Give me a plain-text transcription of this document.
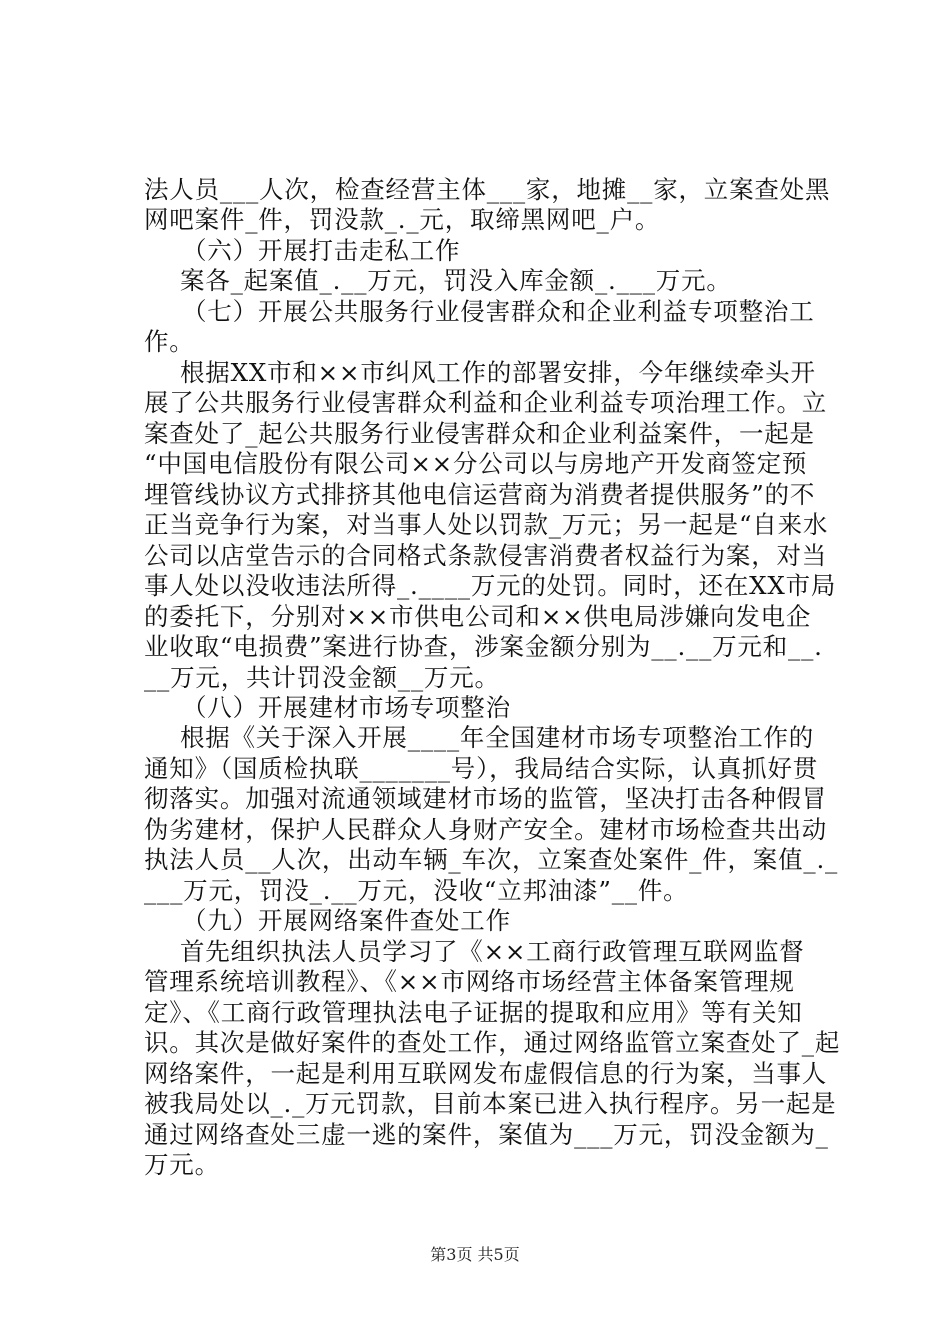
法人员___人次，检查经营主体___家，地摊__家，立案查处黑
网吧案件_件，罚没款_._元，取缔黑网吧_户。
（六）开展打击走私工作
案各_起案值_.__万元，罚没入库金额_.___万元。
（七）开展公共服务行业侵害群众和企业利益专项整治工
作。
根据XX市和××市纠风工作的部署安排，今年继续牵头开
展了公共服务行业侵害群众利益和企业利益专项治理工作。立
案查处了_起公共服务行业侵害群众和企业利益案件，一起是
“中国电信股份有限公司××分公司以与房地产开发商签定预
埋管线协议方式排挤其他电信运营商为消费者提供服务”的不
正当竞争行为案，对当事人处以罚款_万元；另一起是“自来水
公司以店堂告示的合同格式条款侵害消费者权益行为案，对当
事人处以没收违法所得_.____万元的处罚。同时，还在XX市局
的委托下，分别对××市供电公司和××供电局涉嫌向发电企
业收取“电损费”案进行协查，涉案金额分别为__.__万元和__.
__万元，共计罚没金额__万元。
（八）开展建材市场专项整治
根据《关于深入开展____年全国建材市场专项整治工作的
通知》（国质检执联_______号），我局结合实际，认真抓好贯
彻落实。加强对流通领域建材市场的监管，坚决打击各种假冒
伪劣建材，保护人民群众人身财产安全。建材市场检查共出动
执法人员__人次，出动车辆_车次，立案查处案件_件，案值_._
___万元，罚没_.__万元，没收“立邦油漆”__件。
（九）开展网络案件查处工作
首先组织执法人员学习了《××工商行政管理互联网监督
管理系统培训教程》、《××市网络市场经营主体备案管理规
定》、《工商行政管理执法电子证据的提取和应用》等有关知
识。其次是做好案件的查处工作，通过网络监管立案查处了_起
网络案件，一起是利用互联网发布虚假信息的行为案，当事人
被我局处以_._万元罚款，目前本案已进入执行程序。另一起是
通过网络查处三虚一逃的案件，案值为___万元，罚没金额为_
万元。
第3页 共5页
